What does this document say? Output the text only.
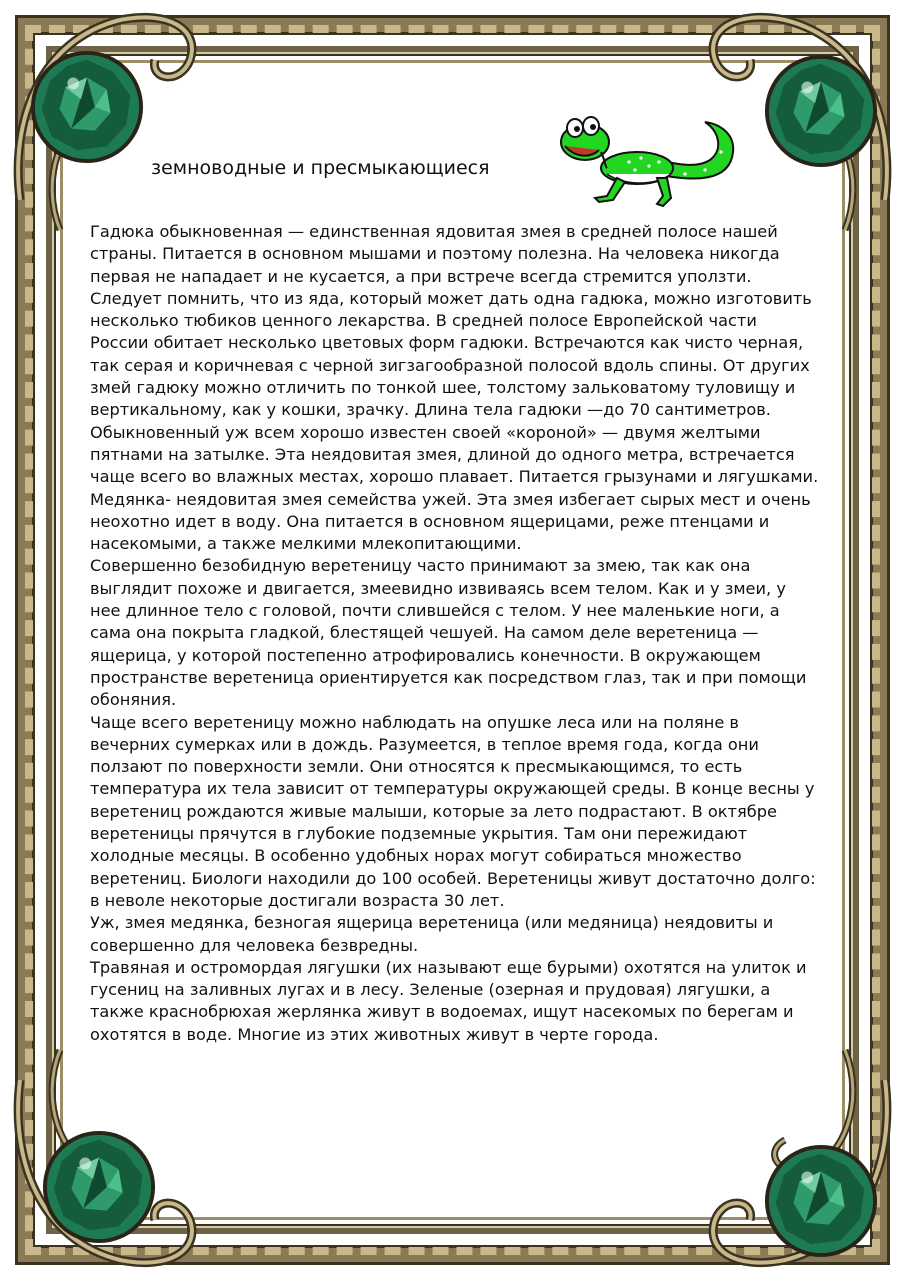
земноводные и пресмыкающиеся

Гадюка обыкновенная — единственная ядовитая змея в средней полосе нашей страны. Питается в основном мышами и поэтому полезна. На человека никогда первая не нападает и не кусается, а при встрече всегда стремится уползти. Следует помнить, что из яда, который может дать одна гадюка, можно изготовить несколько тюбиков ценного лекарства. В средней полосе Европейской части России обитает несколько цветовых форм гадюки. Встречаются как чисто черная, так серая и коричневая с черной зигзагообразной полосой вдоль спины. От других змей гадюку можно отличить по тонкой шее, толстому зальковатому туловищу и вертикальному, как у кошки, зрачку. Длина тела гадюки —до 70 сантиметров.

Обыкновенный уж всем хорошо известен своей «короной» — двумя желтыми пятнами на затылке. Эта неядовитая змея, длиной до одного метра, встречается чаще всего во влажных местах, хорошо плавает. Питается грызунами и лягушками.

Медянка- неядовитая змея семейства ужей. Эта змея избегает сырых мест и очень неохотно идет в воду. Она питается в основном ящерицами, реже птенцами и насекомыми, а также мелкими млекопитающими.

Совершенно безобидную веретеницу часто принимают за змею, так как она выглядит похоже и двигается, змеевидно извиваясь всем телом. Как и у змеи, у нее длинное тело с головой, почти слившейся с телом. У нее маленькие ноги, а сама она покрыта гладкой, блестящей чешуей. На самом деле веретеница — ящерица, у которой постепенно атрофировались конечности. В окружающем пространстве веретеница ориентируется как посредством глаз, так и при помощи обоняния.

Чаще всего веретеницу можно наблюдать на опушке леса или на поляне в вечерних сумерках или в дождь. Разумеется, в теплое время года, когда они ползают по поверхности земли. Они относятся к пресмыкающимся, то есть температура их тела зависит от температуры окружающей среды. В конце весны у веретениц рождаются живые малыши, которые за лето подрастают. В октябре веретеницы прячутся в глубокие подземные укрытия. Там они пережидают холодные месяцы. В особенно удобных норах могут собираться множество веретениц. Биологи находили до 100 особей. Веретеницы живут достаточно долго: в неволе некоторые достигали возраста 30 лет.

Уж, змея медянка, безногая ящерица веретеница (или медяница) неядовиты и совершенно для человека безвредны.

Травяная и остромордая лягушки (их называют еще бурыми) охотятся на улиток и гусениц на заливных лугах и в лесу. Зеленые (озерная и прудовая) лягушки, а также краснобрюхая жерлянка живут в водоемах, ищут насекомых по берегам и охотятся в воде. Многие из этих животных живут в черте города.
